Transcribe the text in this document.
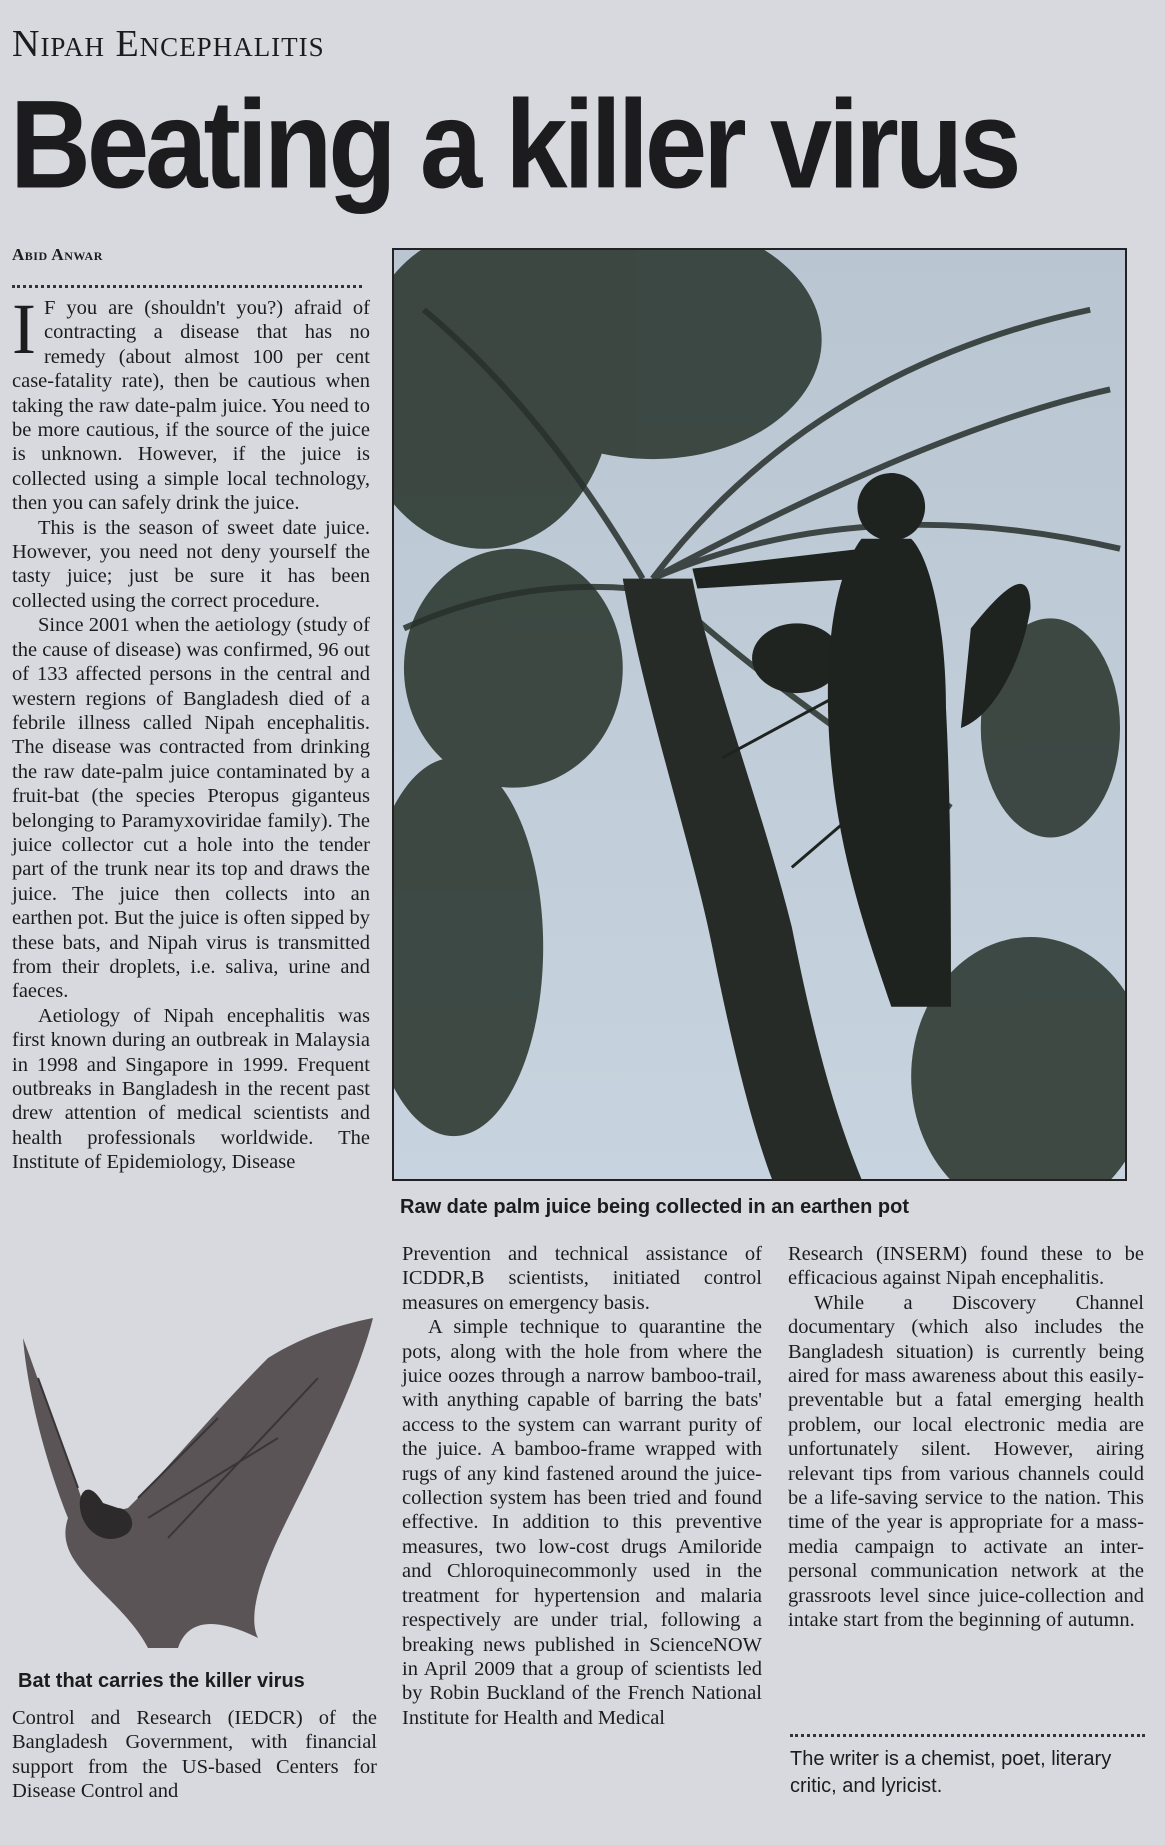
Nipah Encephalitis
Beating a killer virus
Abid Anwar

I F you are (shouldn't you?) afraid of contracting a disease that has no remedy (about almost 100 per cent case-fatality rate), then be cautious when taking the raw date-palm juice. You need to be more cautious, if the source of the juice is unknown. However, if the juice is collected using a simple local technology, then you can safely drink the juice.

This is the season of sweet date juice. However, you need not deny yourself the tasty juice; just be sure it has been collected using the correct procedure.

Since 2001 when the aetiology (study of the cause of disease) was confirmed, 96 out of 133 affected persons in the central and western regions of Bangladesh died of a febrile illness called Nipah encephalitis. The disease was contracted from drinking the raw date-palm juice contaminated by a fruit-bat (the species Pteropus giganteus belonging to Paramyxoviridae family). The juice collector cut a hole into the tender part of the trunk near its top and draws the juice. The juice then collects into an earthen pot. But the juice is often sipped by these bats, and Nipah virus is transmitted from their droplets, i.e. saliva, urine and faeces.

Aetiology of Nipah encephalitis was first known during an outbreak in Malaysia in 1998 and Singapore in 1999. Frequent outbreaks in Bangladesh in the recent past drew attention of medical scientists and health professionals worldwide. The Institute of Epidemiology, Disease

Raw date palm juice being collected in an earthen pot
Bat that carries the killer virus

Control and Research (IEDCR) of the Bangladesh Government, with financial support from the US-based Centers for Disease Control and

Prevention and technical assistance of ICDDR,B scientists, initiated control measures on emergency basis.

A simple technique to quarantine the pots, along with the hole from where the juice oozes through a narrow bamboo-trail, with anything capable of barring the bats' access to the system can warrant purity of the juice. A bamboo-frame wrapped with rugs of any kind fastened around the juice-collection system has been tried and found effective. In addition to this preventive measures, two low-cost drugs Amiloride and Chloroquinecommonly used in the treatment for hypertension and malaria respectively are under trial, following a breaking news published in ScienceNOW in April 2009 that a group of scientists led by Robin Buckland of the French National Institute for Health and Medical

Research (INSERM) found these to be efficacious against Nipah encephalitis.

While a Discovery Channel documentary (which also includes the Bangladesh situation) is currently being aired for mass awareness about this easily-preventable but a fatal emerging health problem, our local electronic media are unfortunately silent. However, airing relevant tips from various channels could be a life-saving service to the nation. This time of the year is appropriate for a mass-media campaign to activate an inter-personal communication network at the grassroots level since juice-collection and intake start from the beginning of autumn.

The writer is a chemist, poet, literary critic, and lyricist.
